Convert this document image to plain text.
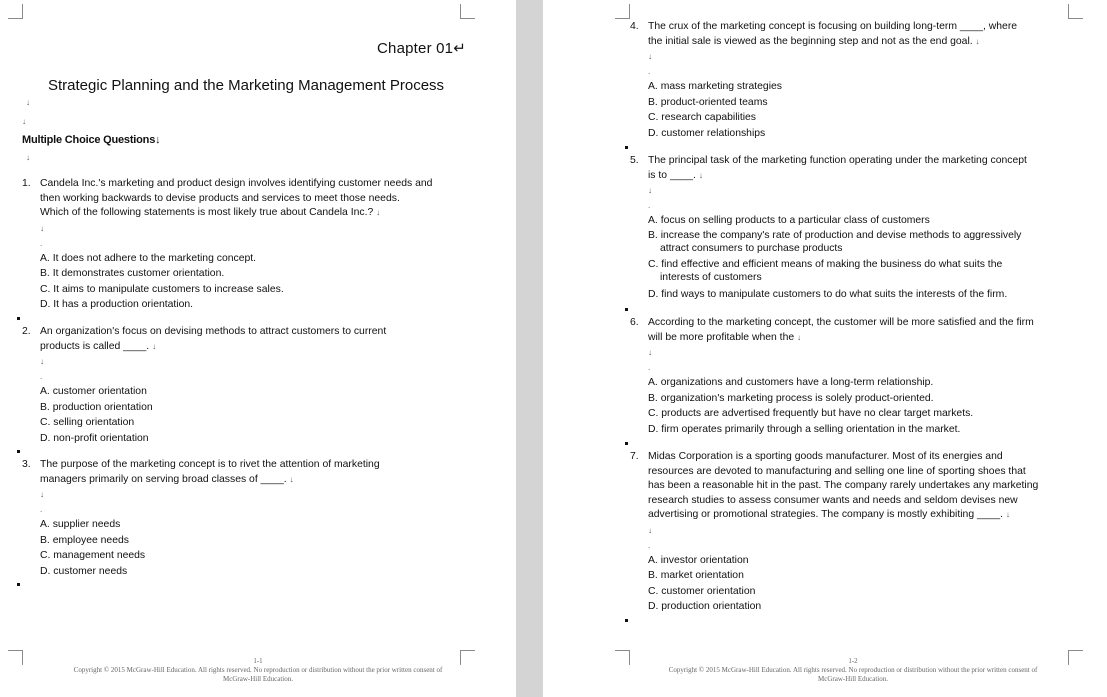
Chapter 01↵
Strategic Planning and the Marketing Management Process
↓
↓
Multiple Choice Questions↓
↓
1. Candela Inc.'s marketing and product design involves identifying customer needs and
then working backwards to devise products and services to meet those needs.
Which of the following statements is most likely true about Candela Inc.? ↓
↓
.
A. It does not adhere to the marketing concept.
B. It demonstrates customer orientation.
C. It aims to manipulate customers to increase sales.
D. It has a production orientation.
2. An organization's focus on devising methods to attract customers to current
products is called ____. ↓
↓
.
A. customer orientation
B. production orientation
C. selling orientation
D. non-profit orientation
3. The purpose of the marketing concept is to rivet the attention of marketing
managers primarily on serving broad classes of ____. ↓
↓
.
A. supplier needs
B. employee needs
C. management needs
D. customer needs
1-1
Copyright © 2015 McGraw-Hill Education. All rights reserved. No reproduction or distribution without the prior written consent of
McGraw-Hill Education.
4. The crux of the marketing concept is focusing on building long-term ____, where
the initial sale is viewed as the beginning step and not as the end goal. ↓
↓
.
A. mass marketing strategies
B. product-oriented teams
C. research capabilities
D. customer relationships
5. The principal task of the marketing function operating under the marketing concept
is to ____. ↓
↓
.
A. focus on selling products to a particular class of customers
B. increase the company's rate of production and devise methods to aggressively
attract consumers to purchase products
C. find effective and efficient means of making the business do what suits the
interests of customers
D. find ways to manipulate customers to do what suits the interests of the firm.
6. According to the marketing concept, the customer will be more satisfied and the firm
will be more profitable when the ↓
↓
.
A. organizations and customers have a long-term relationship.
B. organization's marketing process is solely product-oriented.
C. products are advertised frequently but have no clear target markets.
D. firm operates primarily through a selling orientation in the market.
7. Midas Corporation is a sporting goods manufacturer. Most of its energies and
resources are devoted to manufacturing and selling one line of sporting shoes that
has been a reasonable hit in the past. The company rarely undertakes any marketing
research studies to assess consumer wants and needs and seldom devises new
advertising or promotional strategies. The company is mostly exhibiting ____. ↓
↓
.
A. investor orientation
B. market orientation
C. customer orientation
D. production orientation
1-2
Copyright © 2015 McGraw-Hill Education. All rights reserved. No reproduction or distribution without the prior written consent of
McGraw-Hill Education.
